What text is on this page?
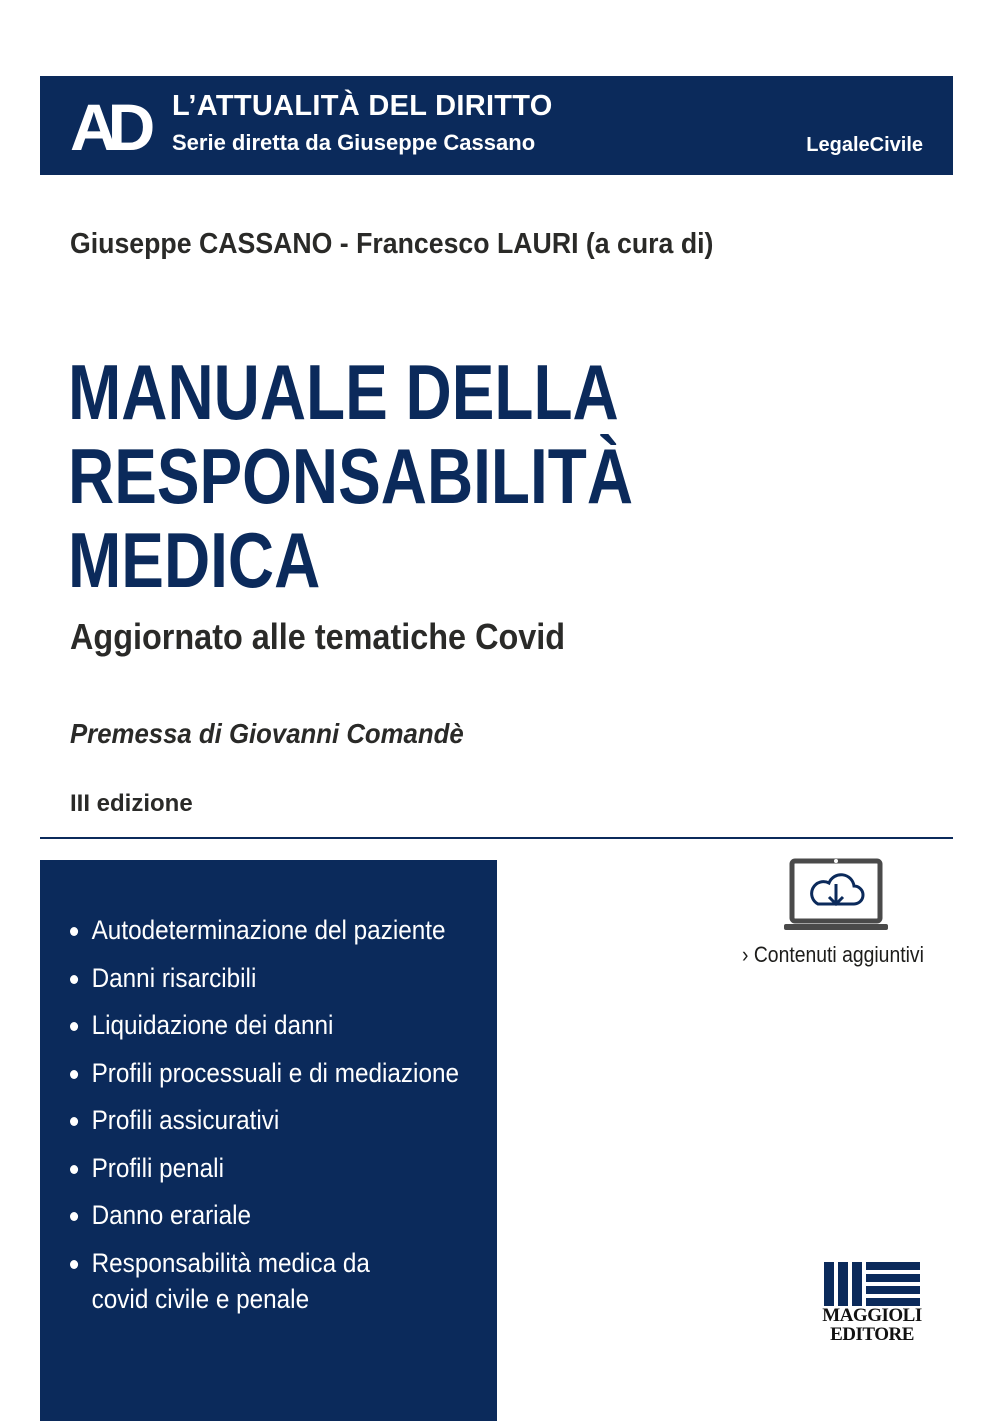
AD L’ATTUALITÀ DEL DIRITTO
Serie diretta da Giuseppe Cassano	LegaleCivile
Giuseppe CASSANO - Francesco LAURI (a cura di)
MANUALE DELLA
RESPONSABILITÀ
MEDICA
Aggiornato alle tematiche Covid
Premessa di Giovanni Comandè
III edizione
Autodeterminazione del paziente
Danni risarcibili
Liquidazione dei danni
Profili processuali e di mediazione
Profili assicurativi
Profili penali
Danno erariale
Responsabilità medica da covid civile e penale
› Contenuti aggiuntivi
MAGGIOLI
EDITORE
